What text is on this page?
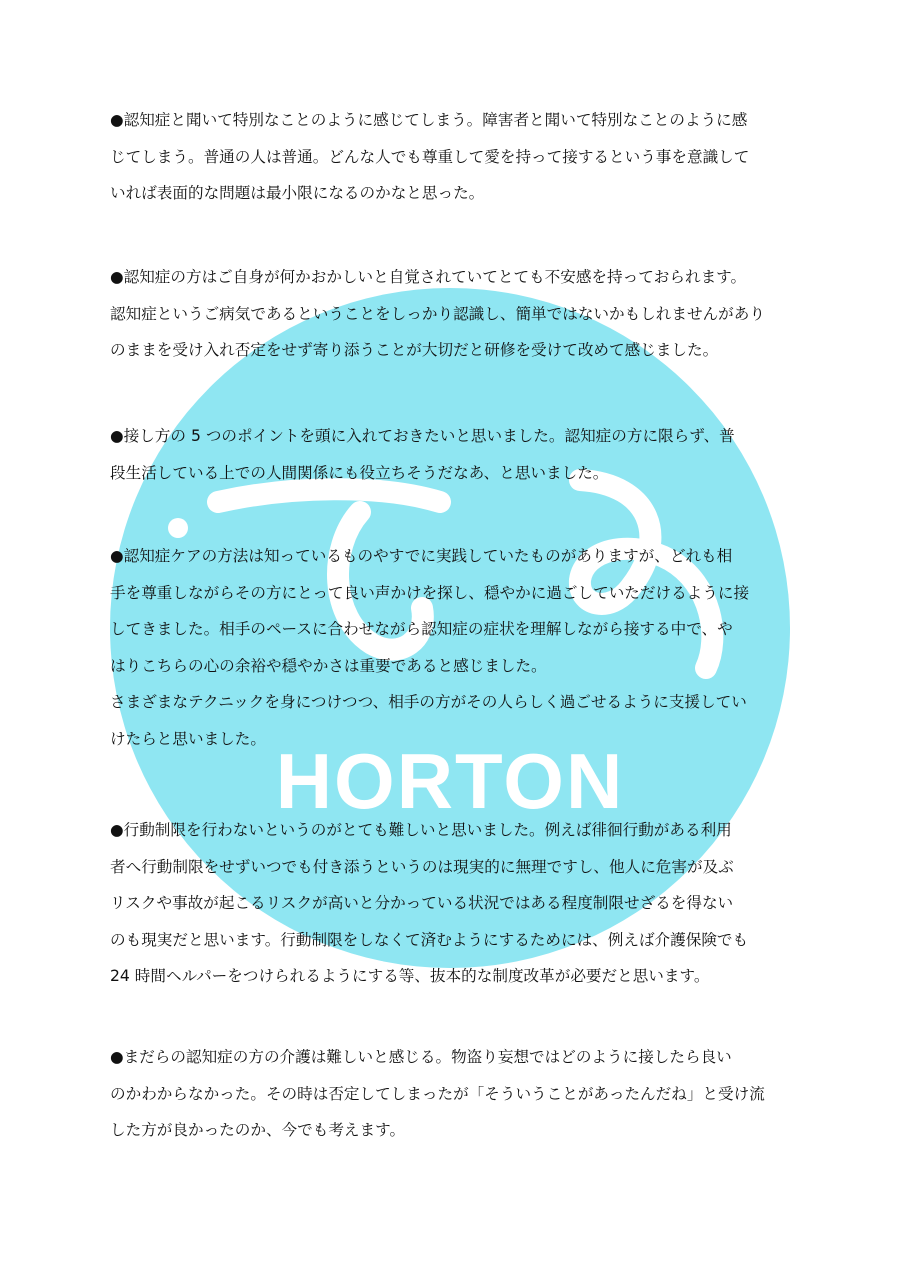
HORTON
●認知症と聞いて特別なことのように感じてしまう。障害者と聞いて特別なことのように感
じてしまう。普通の人は普通。どんな人でも尊重して愛を持って接するという事を意識して
いれば表面的な問題は最小限になるのかなと思った。
●認知症の方はご自身が何かおかしいと自覚されていてとても不安感を持っておられます。
認知症というご病気であるということをしっかり認識し、簡単ではないかもしれませんがあり
のままを受け入れ否定をせず寄り添うことが大切だと研修を受けて改めて感じました。
●接し方の 5 つのポイントを頭に入れておきたいと思いました。認知症の方に限らず、普
段生活している上での人間関係にも役立ちそうだなあ、と思いました。
●認知症ケアの方法は知っているものやすでに実践していたものがありますが、どれも相
手を尊重しながらその方にとって良い声かけを探し、穏やかに過ごしていただけるように接
してきました。相手のペースに合わせながら認知症の症状を理解しながら接する中で、や
はりこちらの心の余裕や穏やかさは重要であると感じました。
さまざまなテクニックを身につけつつ、相手の方がその人らしく過ごせるように支援してい
けたらと思いました。
●行動制限を行わないというのがとても難しいと思いました。例えば徘徊行動がある利用
者へ行動制限をせずいつでも付き添うというのは現実的に無理ですし、他人に危害が及ぶ
リスクや事故が起こるリスクが高いと分かっている状況ではある程度制限せざるを得ない
のも現実だと思います。行動制限をしなくて済むようにするためには、例えば介護保険でも
24 時間ヘルパーをつけられるようにする等、抜本的な制度改革が必要だと思います。
●まだらの認知症の方の介護は難しいと感じる。物盗り妄想ではどのように接したら良い
のかわからなかった。その時は否定してしまったが「そういうことがあったんだね」と受け流
した方が良かったのか、今でも考えます。
